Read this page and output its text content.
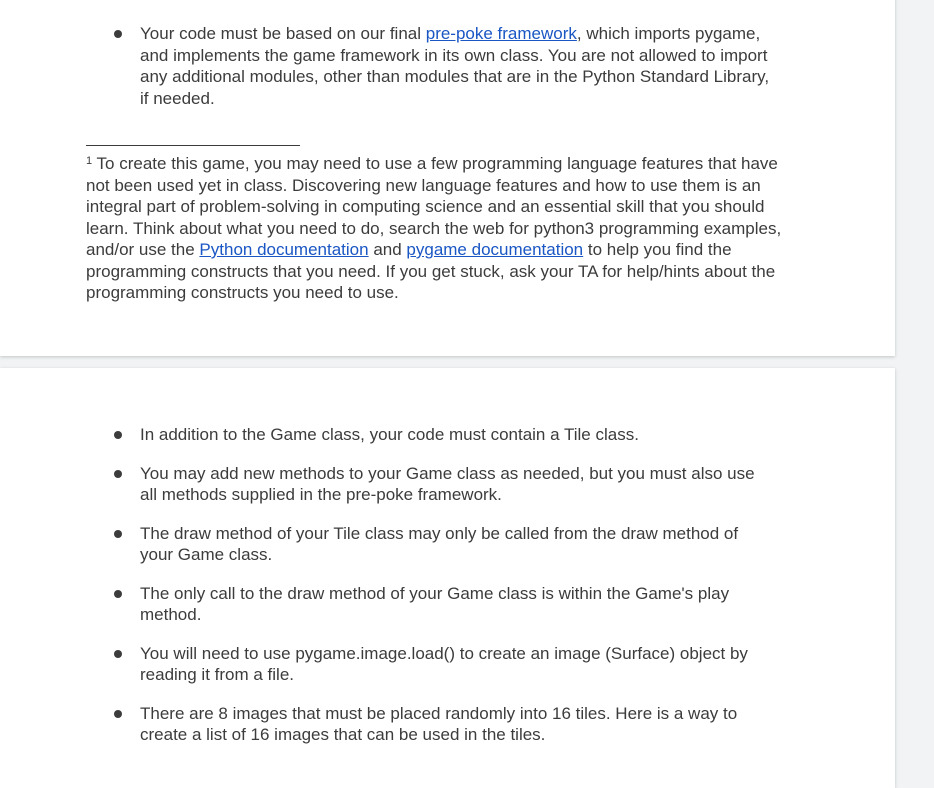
Your code must be based on our final pre-poke framework, which imports pygame, and implements the game framework in its own class. You are not allowed to import any additional modules, other than modules that are in the Python Standard Library, if needed.
$^1$ To create this game, you may need to use a few programming language features that have not been used yet in class. Discovering new language features and how to use them is an integral part of problem-solving in computing science and an essential skill that you should learn. Think about what you need to do, search the web for python3 programming examples, and/or use the Python documentation and pygame documentation to help you find the programming constructs that you need. If you get stuck, ask your TA for help/hints about the programming constructs you need to use.
In addition to the Game class, your code must contain a Tile class.
You may add new methods to your Game class as needed, but you must also use all methods supplied in the pre-poke framework.
The draw method of your Tile class may only be called from the draw method of your Game class.
The only call to the draw method of your Game class is within the Game's play method.
You will need to use pygame.image.load() to create an image (Surface) object by reading it from a file.
There are 8 images that must be placed randomly into 16 tiles. Here is a way to create a list of 16 images that can be used in the tiles.
